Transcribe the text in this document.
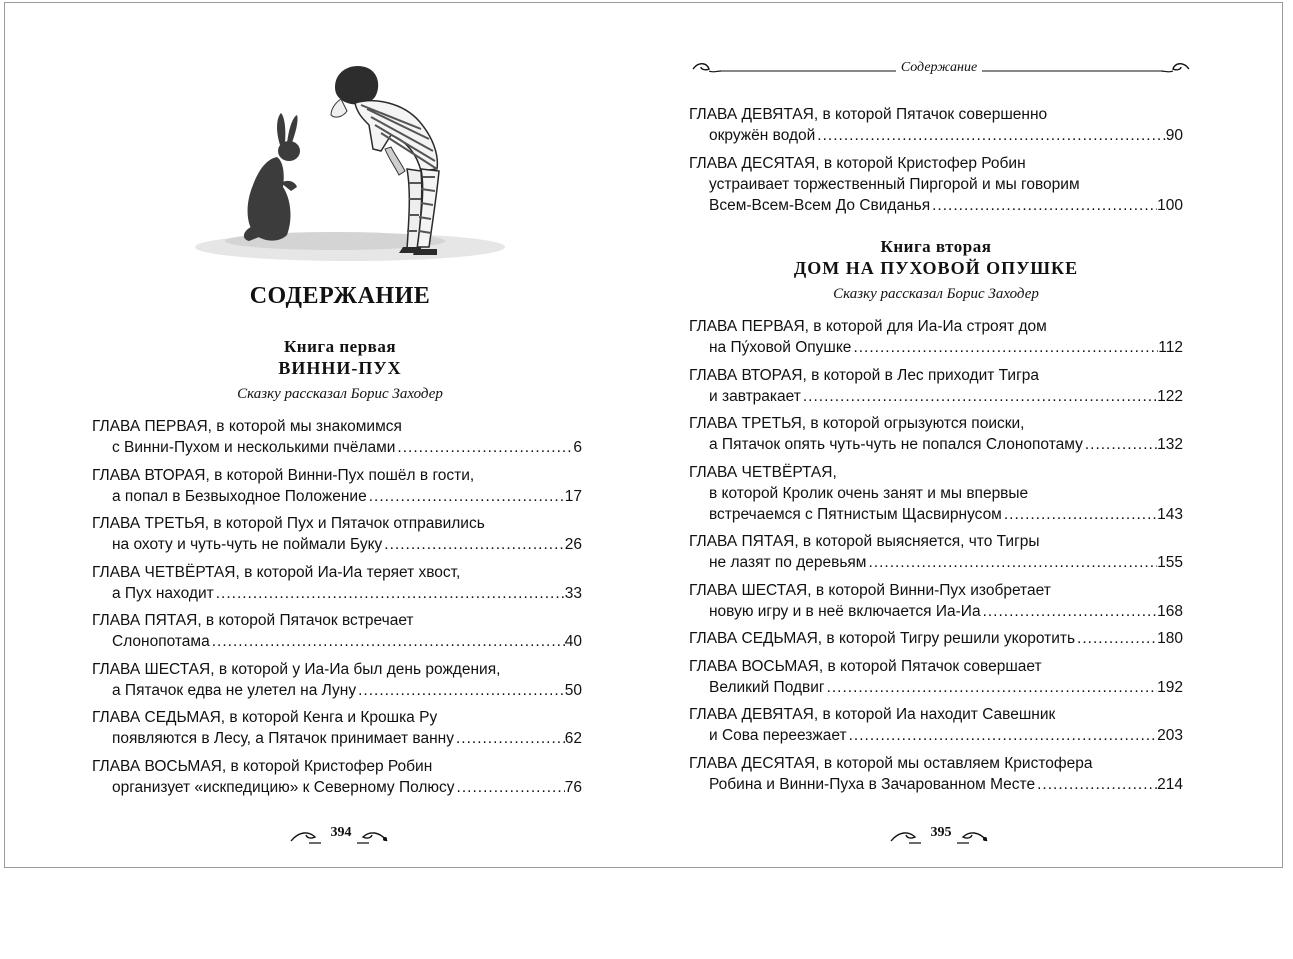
СОДЕРЖАНИЕ
Книга первая
ВИННИ-ПУХ
Сказку рассказал Борис Заходер
ГЛАВА ПЕРВАЯ, в которой мы знакомимся
с Винни-Пухом и несколькими пчёлами .....	6
ГЛАВА ВТОРАЯ, в которой Винни-Пух пошёл в гости,
а попал в Безвыходное Положение .....	17
ГЛАВА ТРЕТЬЯ, в которой Пух и Пятачок отправились
на охоту и чуть-чуть не поймали Буку .....	26
ГЛАВА ЧЕТВЁРТАЯ, в которой Иа-Иа теряет хвост,
а Пух находит .....	33
ГЛАВА ПЯТАЯ, в которой Пятачок встречает
Слонопотама .....	40
ГЛАВА ШЕСТАЯ, в которой у Иа-Иа был день рождения,
а Пятачок едва не улетел на Луну .....	50
ГЛАВА СЕДЬМАЯ, в которой Кенга и Крошка Ру
появляются в Лесу, а Пятачок принимает ванну .....	62
ГЛАВА ВОСЬМАЯ, в которой Кристофер Робин
организует «искпедицию» к Северному Полюсу .....	76
394
Содержание
ГЛАВА ДЕВЯТАЯ, в которой Пятачок совершенно
окружён водой .....	90
ГЛАВА ДЕСЯТАЯ, в которой Кристофер Робин
устраивает торжественный Пиргорой и мы говорим
Всем-Всем-Всем До Свиданья .....	100
Книга вторая
ДОМ НА ПУХОВОЙ ОПУШКЕ
Сказку рассказал Борис Заходер
ГЛАВА ПЕРВАЯ, в которой для Иа-Иа строят дом
на Пу́ховой Опушке .....	112
ГЛАВА ВТОРАЯ, в которой в Лес приходит Тигра
и завтракает .....	122
ГЛАВА ТРЕТЬЯ, в которой огрызуются поиски,
а Пятачок опять чуть-чуть не попался Слонопотаму .....	132
ГЛАВА ЧЕТВЁРТАЯ,
в которой Кролик очень занят и мы впервые
встречаемся с Пятнистым Щасвирнусом .....	143
ГЛАВА ПЯТАЯ, в которой выясняется, что Тигры
не лазят по деревьям .....	155
ГЛАВА ШЕСТАЯ, в которой Винни-Пух изобретает
новую игру и в неё включается Иа-Иа .....	168
ГЛАВА СЕДЬМАЯ, в которой Тигру решили укоротить .....	180
ГЛАВА ВОСЬМАЯ, в которой Пятачок совершает
Великий Подвиг .....	192
ГЛАВА ДЕВЯТАЯ, в которой Иа находит Савешник
и Сова переезжает .....	203
ГЛАВА ДЕСЯТАЯ, в которой мы оставляем Кристофера
Робина и Винни-Пуха в Зачарованном Месте .....	214
395
